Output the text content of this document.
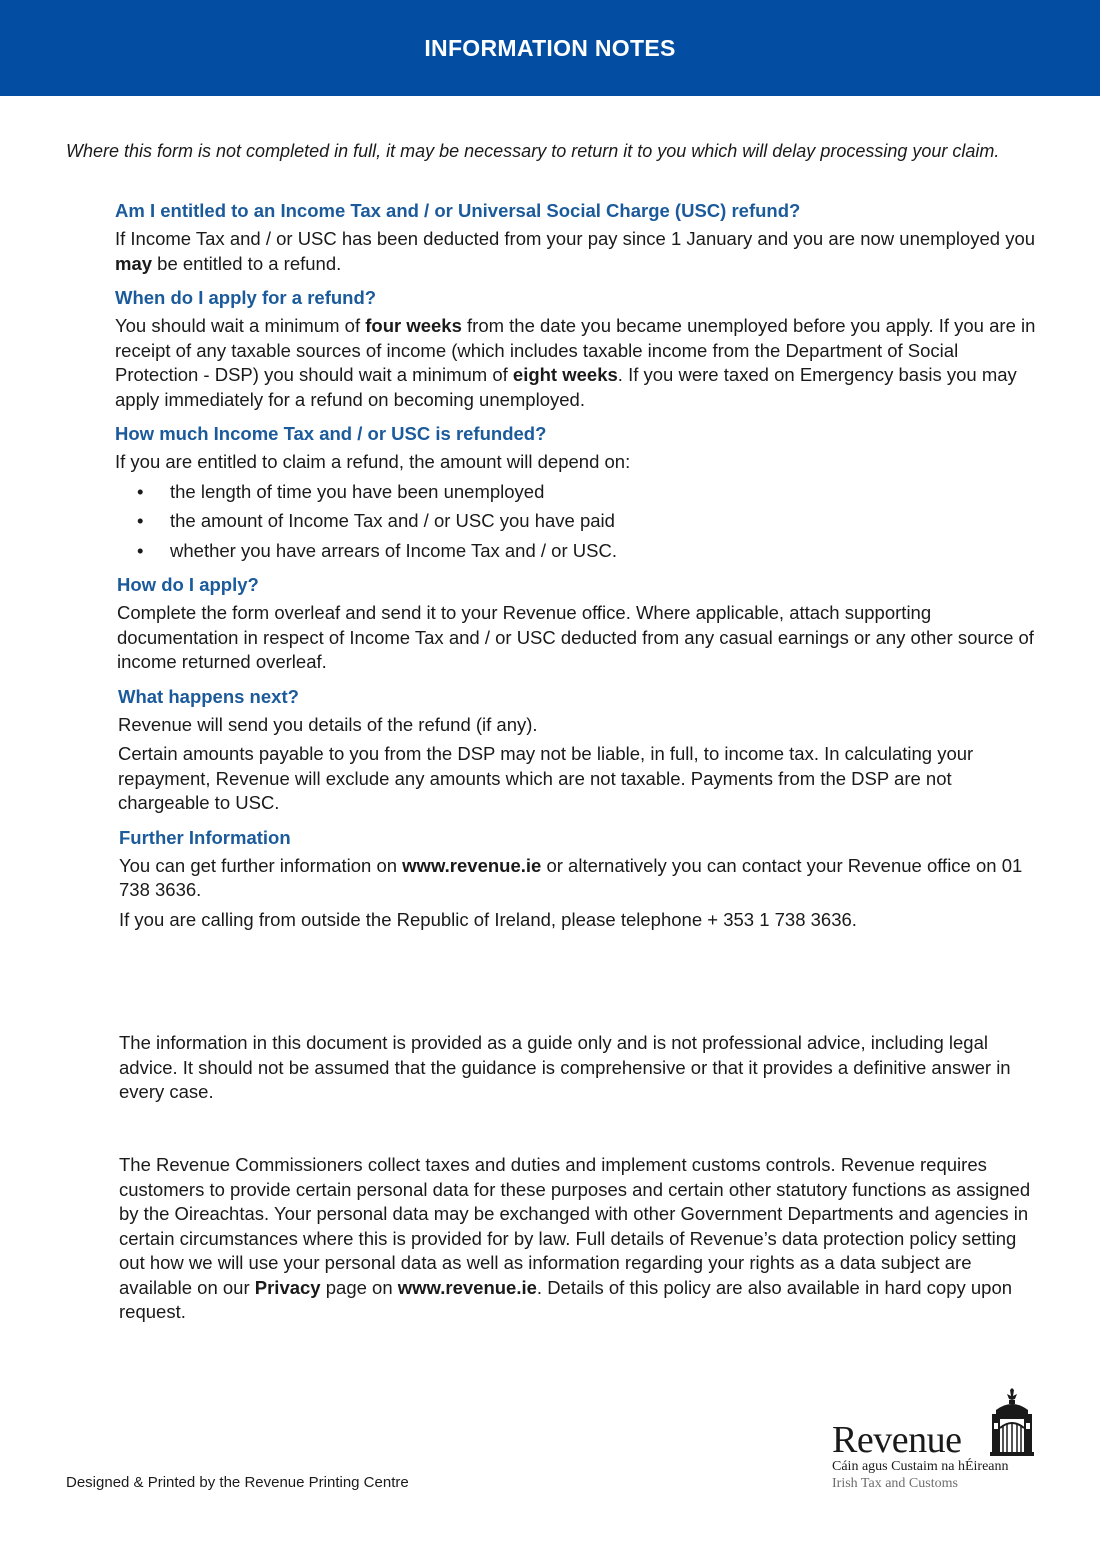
INFORMATION NOTES
Where this form is not completed in full, it may be necessary to return it to you which will delay processing your claim.
Am I entitled to an Income Tax and / or Universal Social Charge (USC) refund?
If Income Tax and / or USC has been deducted from your pay since 1 January and you are now unemployed you may be entitled to a refund.
When do I apply for a refund?
You should wait a minimum of four weeks from the date you became unemployed before you apply. If you are in receipt of any taxable sources of income (which includes taxable income from the Department of Social Protection - DSP) you should wait a minimum of eight weeks. If you were taxed on Emergency basis you may apply immediately for a refund on becoming unemployed.
How much Income Tax and / or USC is refunded?
If you are entitled to claim a refund, the amount will depend on:
• the length of time you have been unemployed
• the amount of Income Tax and / or USC you have paid
• whether you have arrears of Income Tax and / or USC.
How do I apply?
Complete the form overleaf and send it to your Revenue office. Where applicable, attach supporting documentation in respect of Income Tax and / or USC deducted from any casual earnings or any other source of income returned overleaf.
What happens next?
Revenue will send you details of the refund (if any).
Certain amounts payable to you from the DSP may not be liable, in full, to income tax. In calculating your repayment, Revenue will exclude any amounts which are not taxable. Payments from the DSP are not chargeable to USC.
Further Information
You can get further information on www.revenue.ie or alternatively you can contact your Revenue office on 01 738 3636.
If you are calling from outside the Republic of Ireland, please telephone + 353 1 738 3636.
The information in this document is provided as a guide only and is not professional advice, including legal advice. It should not be assumed that the guidance is comprehensive or that it provides a definitive answer in every case.
The Revenue Commissioners collect taxes and duties and implement customs controls. Revenue requires customers to provide certain personal data for these purposes and certain other statutory functions as assigned by the Oireachtas. Your personal data may be exchanged with other Government Departments and agencies in certain circumstances where this is provided for by law. Full details of Revenue’s data protection policy setting out how we will use your personal data as well as information regarding your rights as a data subject are available on our Privacy page on www.revenue.ie. Details of this policy are also available in hard copy upon request.
Designed & Printed by the Revenue Printing Centre
Revenue
Cáin agus Custaim na hÉireann
Irish Tax and Customs
